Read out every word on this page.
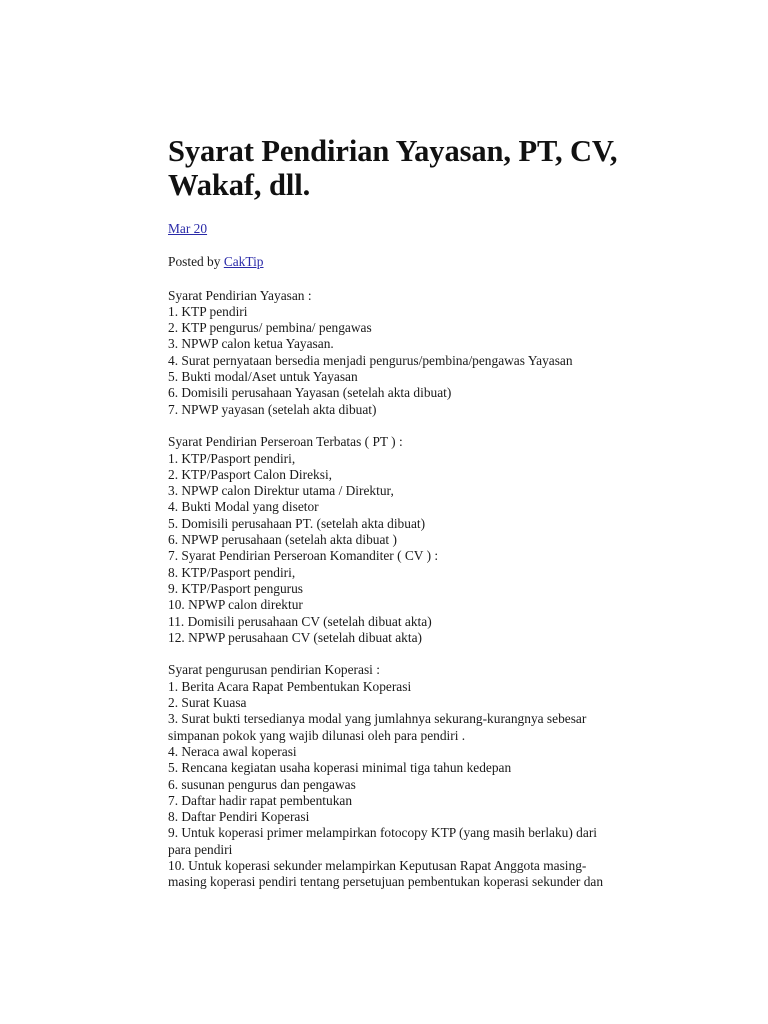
Syarat Pendirian Yayasan, PT, CV,
Wakaf, dll.
Mar 20
Posted by CakTip
Syarat Pendirian Yayasan :
1. KTP pendiri
2. KTP pengurus/ pembina/ pengawas
3. NPWP calon ketua Yayasan.
4. Surat pernyataan bersedia menjadi pengurus/pembina/pengawas Yayasan
5. Bukti modal/Aset untuk Yayasan
6. Domisili perusahaan Yayasan (setelah akta dibuat)
7. NPWP yayasan (setelah akta dibuat)
Syarat Pendirian Perseroan Terbatas ( PT ) :
1. KTP/Pasport pendiri,
2. KTP/Pasport Calon Direksi,
3. NPWP calon Direktur utama / Direktur,
4. Bukti Modal yang disetor
5. Domisili perusahaan PT. (setelah akta dibuat)
6. NPWP perusahaan (setelah akta dibuat )
7. Syarat Pendirian Perseroan Komanditer ( CV ) :
8. KTP/Pasport pendiri,
9. KTP/Pasport pengurus
10. NPWP calon direktur
11. Domisili perusahaan CV (setelah dibuat akta)
12. NPWP perusahaan CV (setelah dibuat akta)
Syarat pengurusan pendirian Koperasi :
1. Berita Acara Rapat Pembentukan Koperasi
2. Surat Kuasa
3. Surat bukti tersedianya modal yang jumlahnya sekurang-kurangnya sebesar
simpanan pokok yang wajib dilunasi oleh para pendiri .
4. Neraca awal koperasi
5. Rencana kegiatan usaha koperasi minimal tiga tahun kedepan
6. susunan pengurus dan pengawas
7. Daftar hadir rapat pembentukan
8. Daftar Pendiri Koperasi
9. Untuk koperasi primer melampirkan fotocopy KTP (yang masih berlaku) dari
para pendiri
10. Untuk koperasi sekunder melampirkan Keputusan Rapat Anggota masing-
masing koperasi pendiri tentang persetujuan pembentukan koperasi sekunder dan
